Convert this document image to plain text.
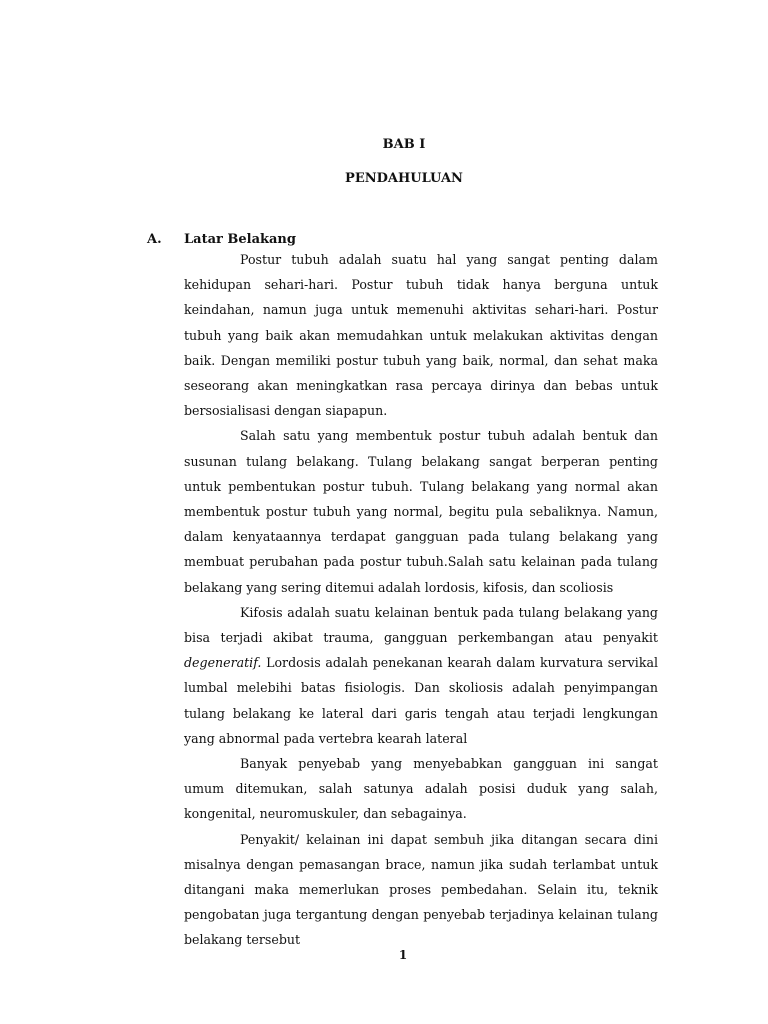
BAB I
PENDAHULUAN
A. Latar Belakang

Postur tubuh adalah suatu hal yang sangat penting dalam kehidupan sehari-hari. Postur tubuh tidak hanya berguna untuk keindahan, namun juga untuk memenuhi aktivitas sehari-hari. Postur tubuh yang baik akan memudahkan untuk melakukan aktivitas dengan baik. Dengan memiliki postur tubuh yang baik, normal, dan sehat maka seseorang akan meningkatkan rasa percaya dirinya dan bebas untuk bersosialisasi dengan siapapun.

Salah satu yang membentuk postur tubuh adalah bentuk dan susunan tulang belakang. Tulang belakang sangat berperan penting untuk pembentukan postur tubuh. Tulang belakang yang normal akan membentuk postur tubuh yang normal, begitu pula sebaliknya. Namun, dalam kenyataannya terdapat gangguan pada tulang belakang yang membuat perubahan pada postur tubuh.Salah satu kelainan pada tulang belakang yang sering ditemui adalah lordosis, kifosis, dan scoliosis

Kifosis adalah suatu kelainan bentuk pada tulang belakang yang bisa terjadi akibat trauma, gangguan perkembangan atau penyakit degeneratif. Lordosis adalah penekanan kearah dalam kurvatura servikal lumbal melebihi batas fisiologis. Dan skoliosis adalah penyimpangan tulang belakang ke lateral dari garis tengah atau terjadi lengkungan yang abnormal pada vertebra kearah lateral

Banyak penyebab yang menyebabkan gangguan ini sangat umum ditemukan, salah satunya adalah posisi duduk yang salah, kongenital, neuromuskuler, dan sebagainya.

Penyakit/ kelainan ini dapat sembuh jika ditangan secara dini misalnya dengan pemasangan brace, namun jika sudah terlambat untuk ditangani maka memerlukan proses pembedahan. Selain itu, teknik pengobatan juga tergantung dengan penyebab terjadinya kelainan tulang belakang tersebut

1
